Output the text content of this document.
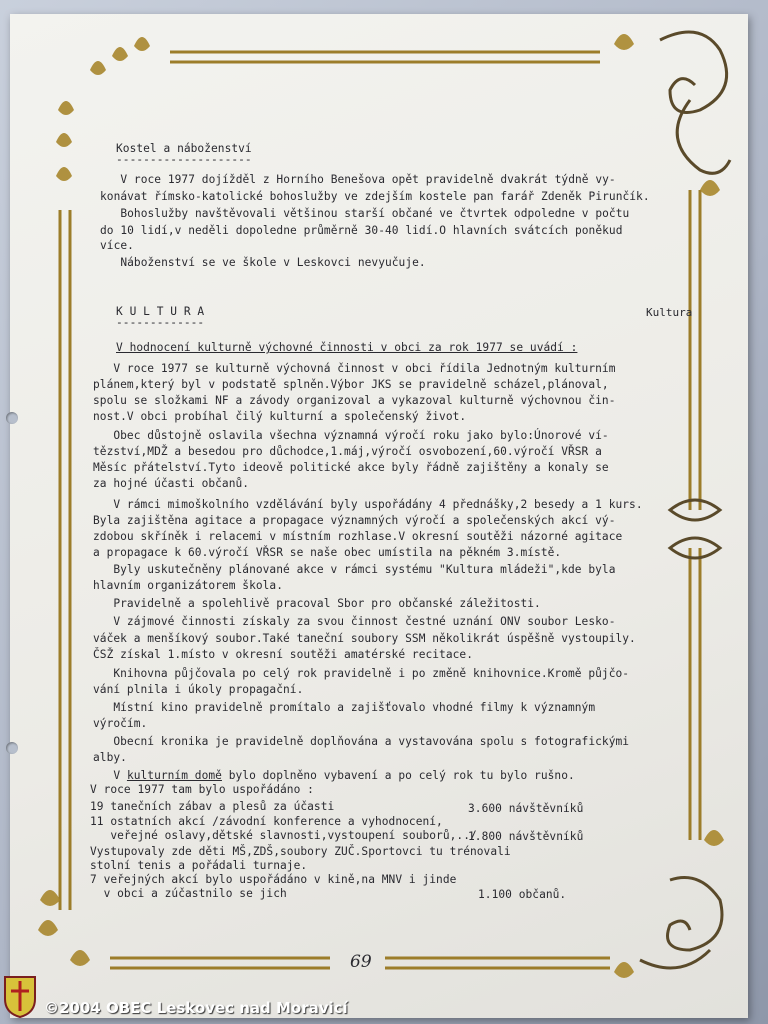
Kostel a náboženství
--------------------
V roce 1977 dojížděl z Horního Benešova opět pravidelně dvakrát týdně vy-
konávat římsko-katolické bohoslužby ve zdejším kostele pan farář Zdeněk Pirunčík.
Bohoslužby navštěvovali většinou starší občané ve čtvrtek odpoledne v počtu
do 10 lidí,v neděli dopoledne průměrně 30-40 lidí.O hlavních svátcích poněkud
více.
Náboženství se ve škole v Leskovci nevyučuje.
K U L T U R A
-------------
Kultura
V hodnocení kulturně výchovné činnosti v obci za rok 1977 se uvádí :
V roce 1977 se kulturně výchovná činnost v obci řídila Jednotným kulturním
plánem,který byl v podstatě splněn.Výbor JKS se pravidelně scházel,plánoval,
spolu se složkami NF a závody organizoval a vykazoval kulturně výchovnou čin-
nost.V obci probíhal čilý kulturní a společenský život.
Obec důstojně oslavila všechna významná výročí roku jako bylo:Únorové ví-
tězství,MDŽ a besedou pro důchodce,1.máj,výročí osvobození,60.výročí VŘSR a
Měsíc přátelství.Tyto ideově politické akce byly řádně zajištěny a konaly se
za hojné účasti občanů.
V rámci mimoškolního vzdělávání byly uspořádány 4 přednášky,2 besedy a 1 kurs.
Byla zajištěna agitace a propagace významných výročí a společenských akcí vý-
zdobou skříněk i relacemi v místním rozhlase.V okresní soutěži názorné agitace
a propagace k 60.výročí VŘSR se naše obec umístila na pěkném 3.místě.
Byly uskutečněny plánované akce v rámci systému "Kultura mládeži",kde byla
hlavním organizátorem škola.
Pravidelně a spolehlivě pracoval Sbor pro občanské záležitosti.
V zájmové činnosti získaly za svou činnost čestné uznání ONV soubor Lesko-
váček a menšíkový soubor.Také taneční soubory SSM několikrát úspěšně vystoupily.
ČSŽ získal 1.místo v okresní soutěži amatérské recitace.
Knihovna půjčovala po celý rok pravidelně i po změně knihovnice.Kromě půjčo-
vání plnila i úkoly propagační.
Místní kino pravidelně promítalo a zajišťovalo vhodné filmy k významným
výročím.
Obecní kronika je pravidelně doplňována a vystavována spolu s fotografickými
alby.
V kulturním domě bylo doplněno vybavení a po celý rok tu bylo rušno.
V roce 1977 tam bylo uspořádáno :
19 tanečních zábav a plesů za účasti	3.600 návštěvníků
11 ostatních akcí /závodní konference a vyhodnocení,
veřejné oslavy,dětské slavnosti,vystoupení souborů,../
1.800 návštěvníků
Vystupovaly zde děti MŠ,ZDŠ,soubory ZUČ.Sportovci tu trénovali
stolní tenis a pořádali turnaje.
7 veřejných akcí bylo uspořádáno v kině,na MNV i jinde
v obci a zúčastnilo se jich	1.100 občanů.
69
©2004 OBEC Leskovec nad Moravicí
